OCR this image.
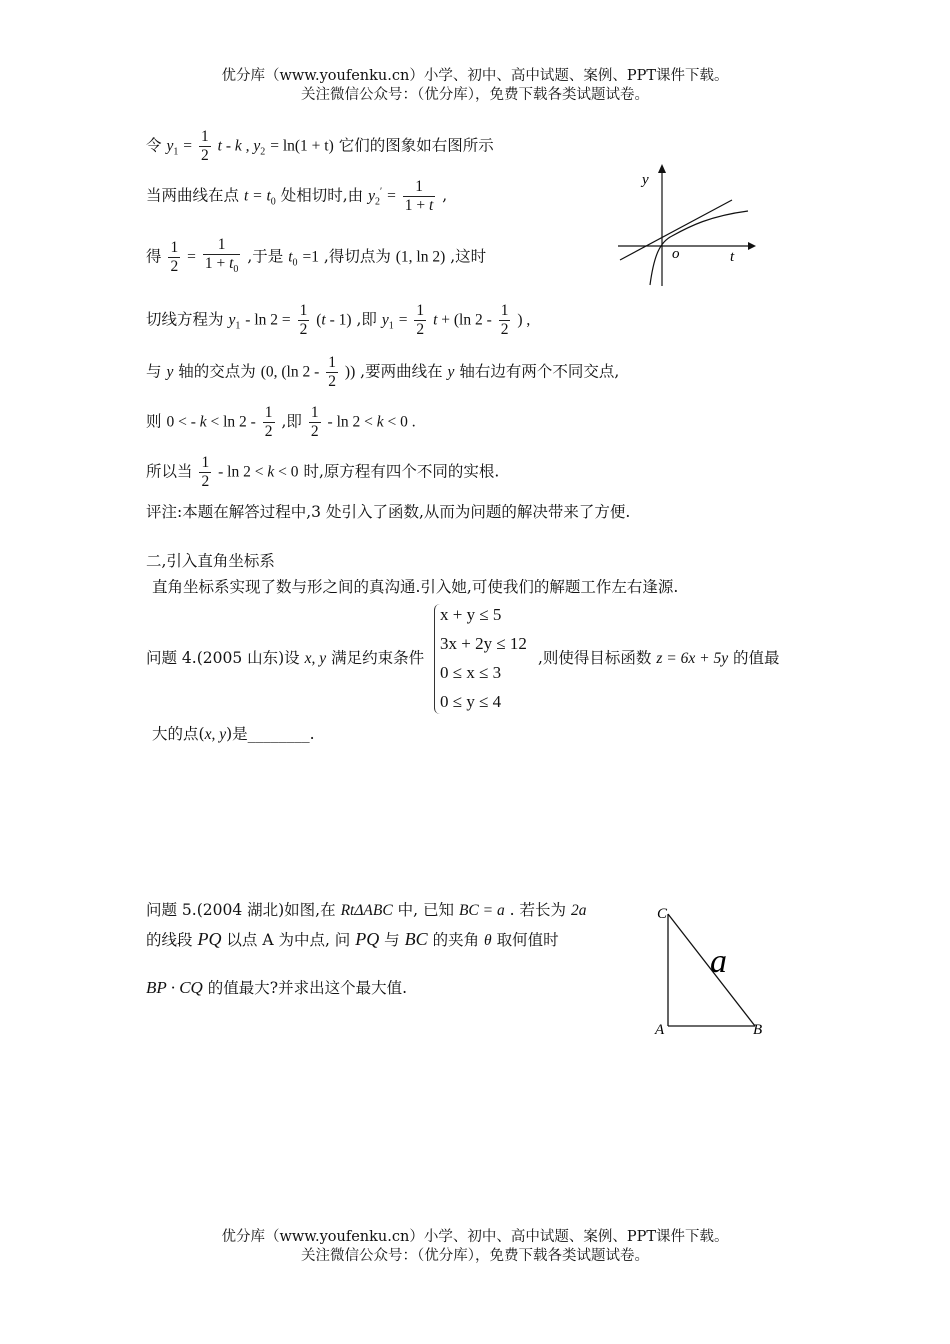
优分库（www.youfenku.cn）小学、初中、高中试题、案例、PPT课件下载。
关注微信公众号：（优分库），免费下载各类试题试卷。
令 $y_1 = \frac{1}{2}$ t - k , $y_2 = \ln(1 + t)$ 它们的图象如右图所示
当两曲线在点 $t = t_0$ 处相切时,由 $y_2' = \frac{1}{1 + t}$ ,
得 $\frac{1}{2} = \frac{1}{1 + t_0}$ ,于是 $t_0 =1$ ,得切点为 (1, ln 2) ,这时
切线方程为 $y_1 - \ln 2 = \frac{1}{2} (t - 1)$ ,即 $y_1 = \frac{1}{2}$ t + (ln $2 - \frac{1}{2}$ ) ,
与 y 轴的交点为 (0, (ln $2 - \frac{1}{2}$ )) ,要两曲线在 y 轴右边有两个不同交点,
则 0 < - $k < \ln 2 - \frac{1}{2}$ ,即 $\frac{1}{2} - \ln 2 < k < 0$ .
所以当 $\frac{1}{2} - \ln 2 < k < 0$ 时,原方程有四个不同的实根.
评注:本题在解答过程中,3 处引入了函数,从而为问题的解决带来了方便.
二,引入直角坐标系
直角坐标系实现了数与形之间的真沟通.引入她,可使我们的解题工作左右逢源.
问题 4.(2005 山东)设 x, y 满足约束条件
x + y ≤ 5
3x + 2y ≤ 12
0 ≤ x ≤ 3
0 ≤ y ≤ 4
,则使得目标函数 z = 6x + 5y 的值最
大的点(x, y)是________.
问题 5.(2004 湖北)如图,在 RtΔABC 中, 已知 BC = a . 若长为 2a
的线段 PQ 以点 A 为中点, 问 PQ 与 BC 的夹角 θ 取何值时
BP · CQ 的值最大?并求出这个最大值.
y
o	t
C
A	B
a
优分库（www.youfenku.cn）小学、初中、高中试题、案例、PPT课件下载。
关注微信公众号：（优分库），免费下载各类试题试卷。
